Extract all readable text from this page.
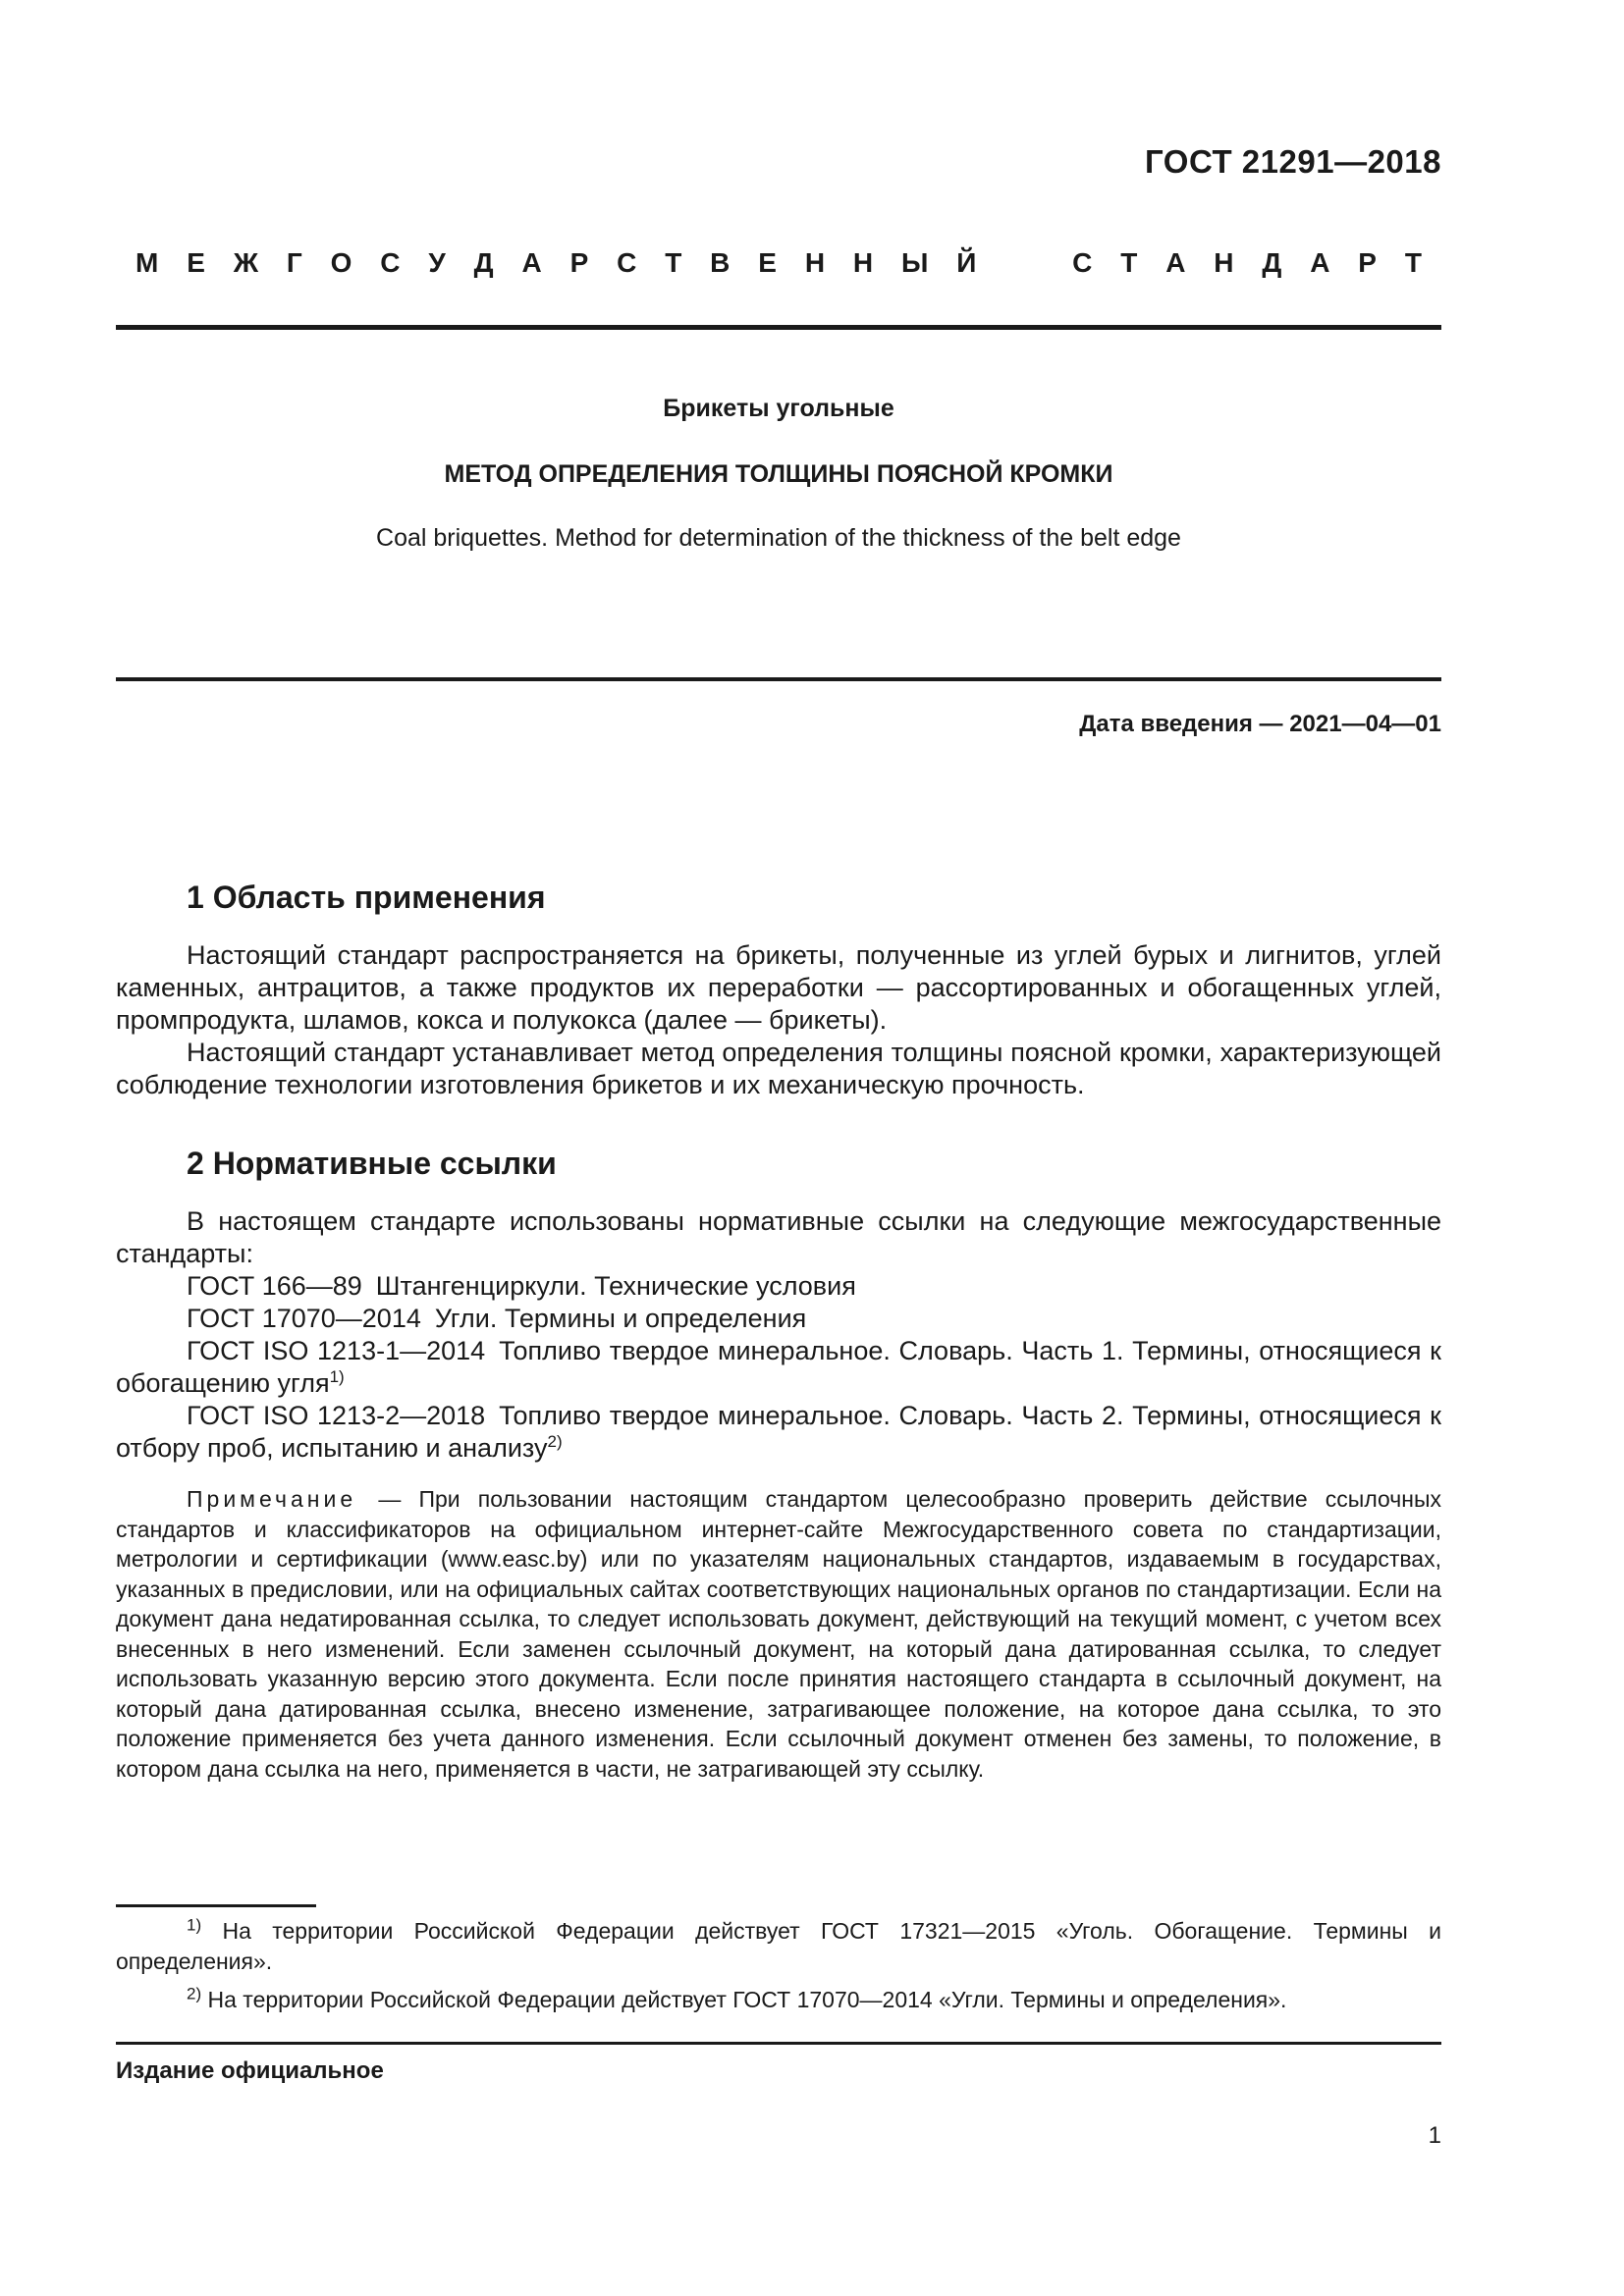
ГОСТ 21291—2018
М Е Ж Г О С У Д А Р С Т В Е Н Н Ы Й	С Т А Н Д А Р Т
Брикеты угольные
МЕТОД ОПРЕДЕЛЕНИЯ ТОЛЩИНЫ ПОЯСНОЙ КРОМКИ
Coal briquettes. Method for determination of the thickness of the belt edge
Дата введения — 2021—04—01
1 Область применения

Настоящий стандарт распространяется на брикеты, полученные из углей бурых и лигнитов, углей каменных, антрацитов, а также продуктов их переработки — рассортированных и обогащенных углей, промпродукта, шламов, кокса и полукокса (далее — брикеты).

Настоящий стандарт устанавливает метод определения толщины поясной кромки, характеризующей соблюдение технологии изготовления брикетов и их механическую прочность.

2 Нормативные ссылки

В настоящем стандарте использованы нормативные ссылки на следующие межгосударственные стандарты:

ГОСТ 166—89 Штангенциркули. Технические условия

ГОСТ 17070—2014 Угли. Термины и определения

ГОСТ ISO 1213-1—2014 Топливо твердое минеральное. Словарь. Часть 1. Термины, относящиеся к обогащению угля$^{1)}$

ГОСТ ISO 1213-2—2018 Топливо твердое минеральное. Словарь. Часть 2. Термины, относящиеся к отбору проб, испытанию и анализу$^{2)}$

Примечание — При пользовании настоящим стандартом целесообразно проверить действие ссылочных стандартов и классификаторов на официальном интернет-сайте Межгосударственного совета по стандартизации, метрологии и сертификации (www.easc.by) или по указателям национальных стандартов, издаваемым в государствах, указанных в предисловии, или на официальных сайтах соответствующих национальных органов по стандартизации. Если на документ дана недатированная ссылка, то следует использовать документ, действующий на текущий момент, с учетом всех внесенных в него изменений. Если заменен ссылочный документ, на который дана датированная ссылка, то следует использовать указанную версию этого документа. Если после принятия настоящего стандарта в ссылочный документ, на который дана датированная ссылка, внесено изменение, затрагивающее положение, на которое дана ссылка, то это положение применяется без учета данного изменения. Если ссылочный документ отменен без замены, то положение, в котором дана ссылка на него, применяется в части, не затрагивающей эту ссылку.

$^{1)}$ На территории Российской Федерации действует ГОСТ 17321—2015 «Уголь. Обогащение. Термины и определения».

$^{2)}$ На территории Российской Федерации действует ГОСТ 17070—2014 «Угли. Термины и определения».

Издание официальное
1
